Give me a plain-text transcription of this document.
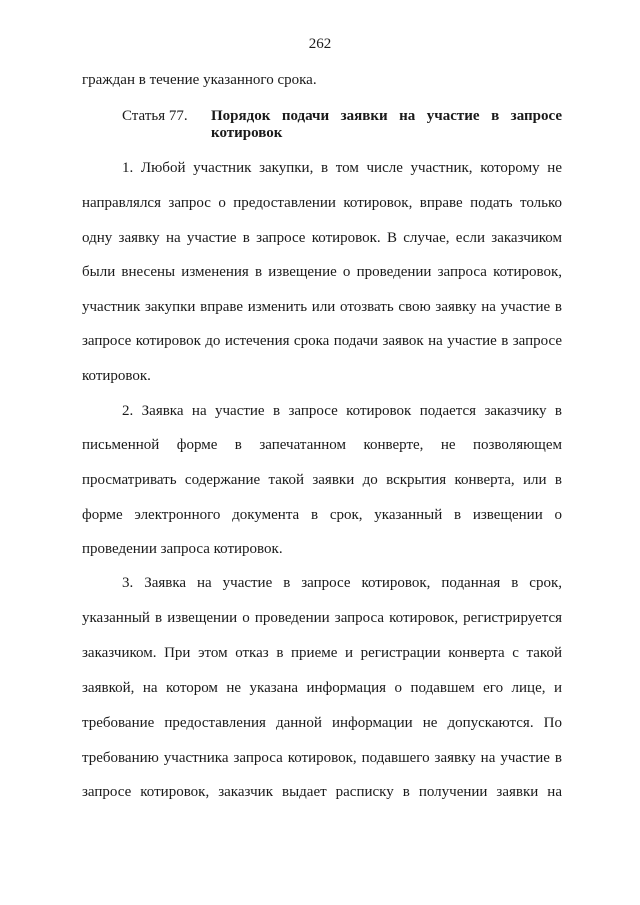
262
граждан в течение указанного срока.
Статья 77. Порядок подачи заявки на участие в запросе
котировок
1. Любой участник закупки, в том числе участник, которому не
направлялся запрос о предоставлении котировок, вправе подать только
одну заявку на участие в запросе котировок. В случае, если заказчиком
были внесены изменения в извещение о проведении запроса котировок,
участник закупки вправе изменить или отозвать свою заявку на участие в
запросе котировок до истечения срока подачи заявок на участие в запросе
котировок.
2. Заявка на участие в запросе котировок подается заказчику в
письменной форме в запечатанном конверте, не позволяющем
просматривать содержание такой заявки до вскрытия конверта, или в
форме электронного документа в срок, указанный в извещении о
проведении запроса котировок.
3. Заявка на участие в запросе котировок, поданная в срок,
указанный в извещении о проведении запроса котировок, регистрируется
заказчиком. При этом отказ в приеме и регистрации конверта с такой
заявкой, на котором не указана информация о подавшем его лице, и
требование предоставления данной информации не допускаются. По
требованию участника запроса котировок, подавшего заявку на участие в
запросе котировок, заказчик выдает расписку в получении заявки на
